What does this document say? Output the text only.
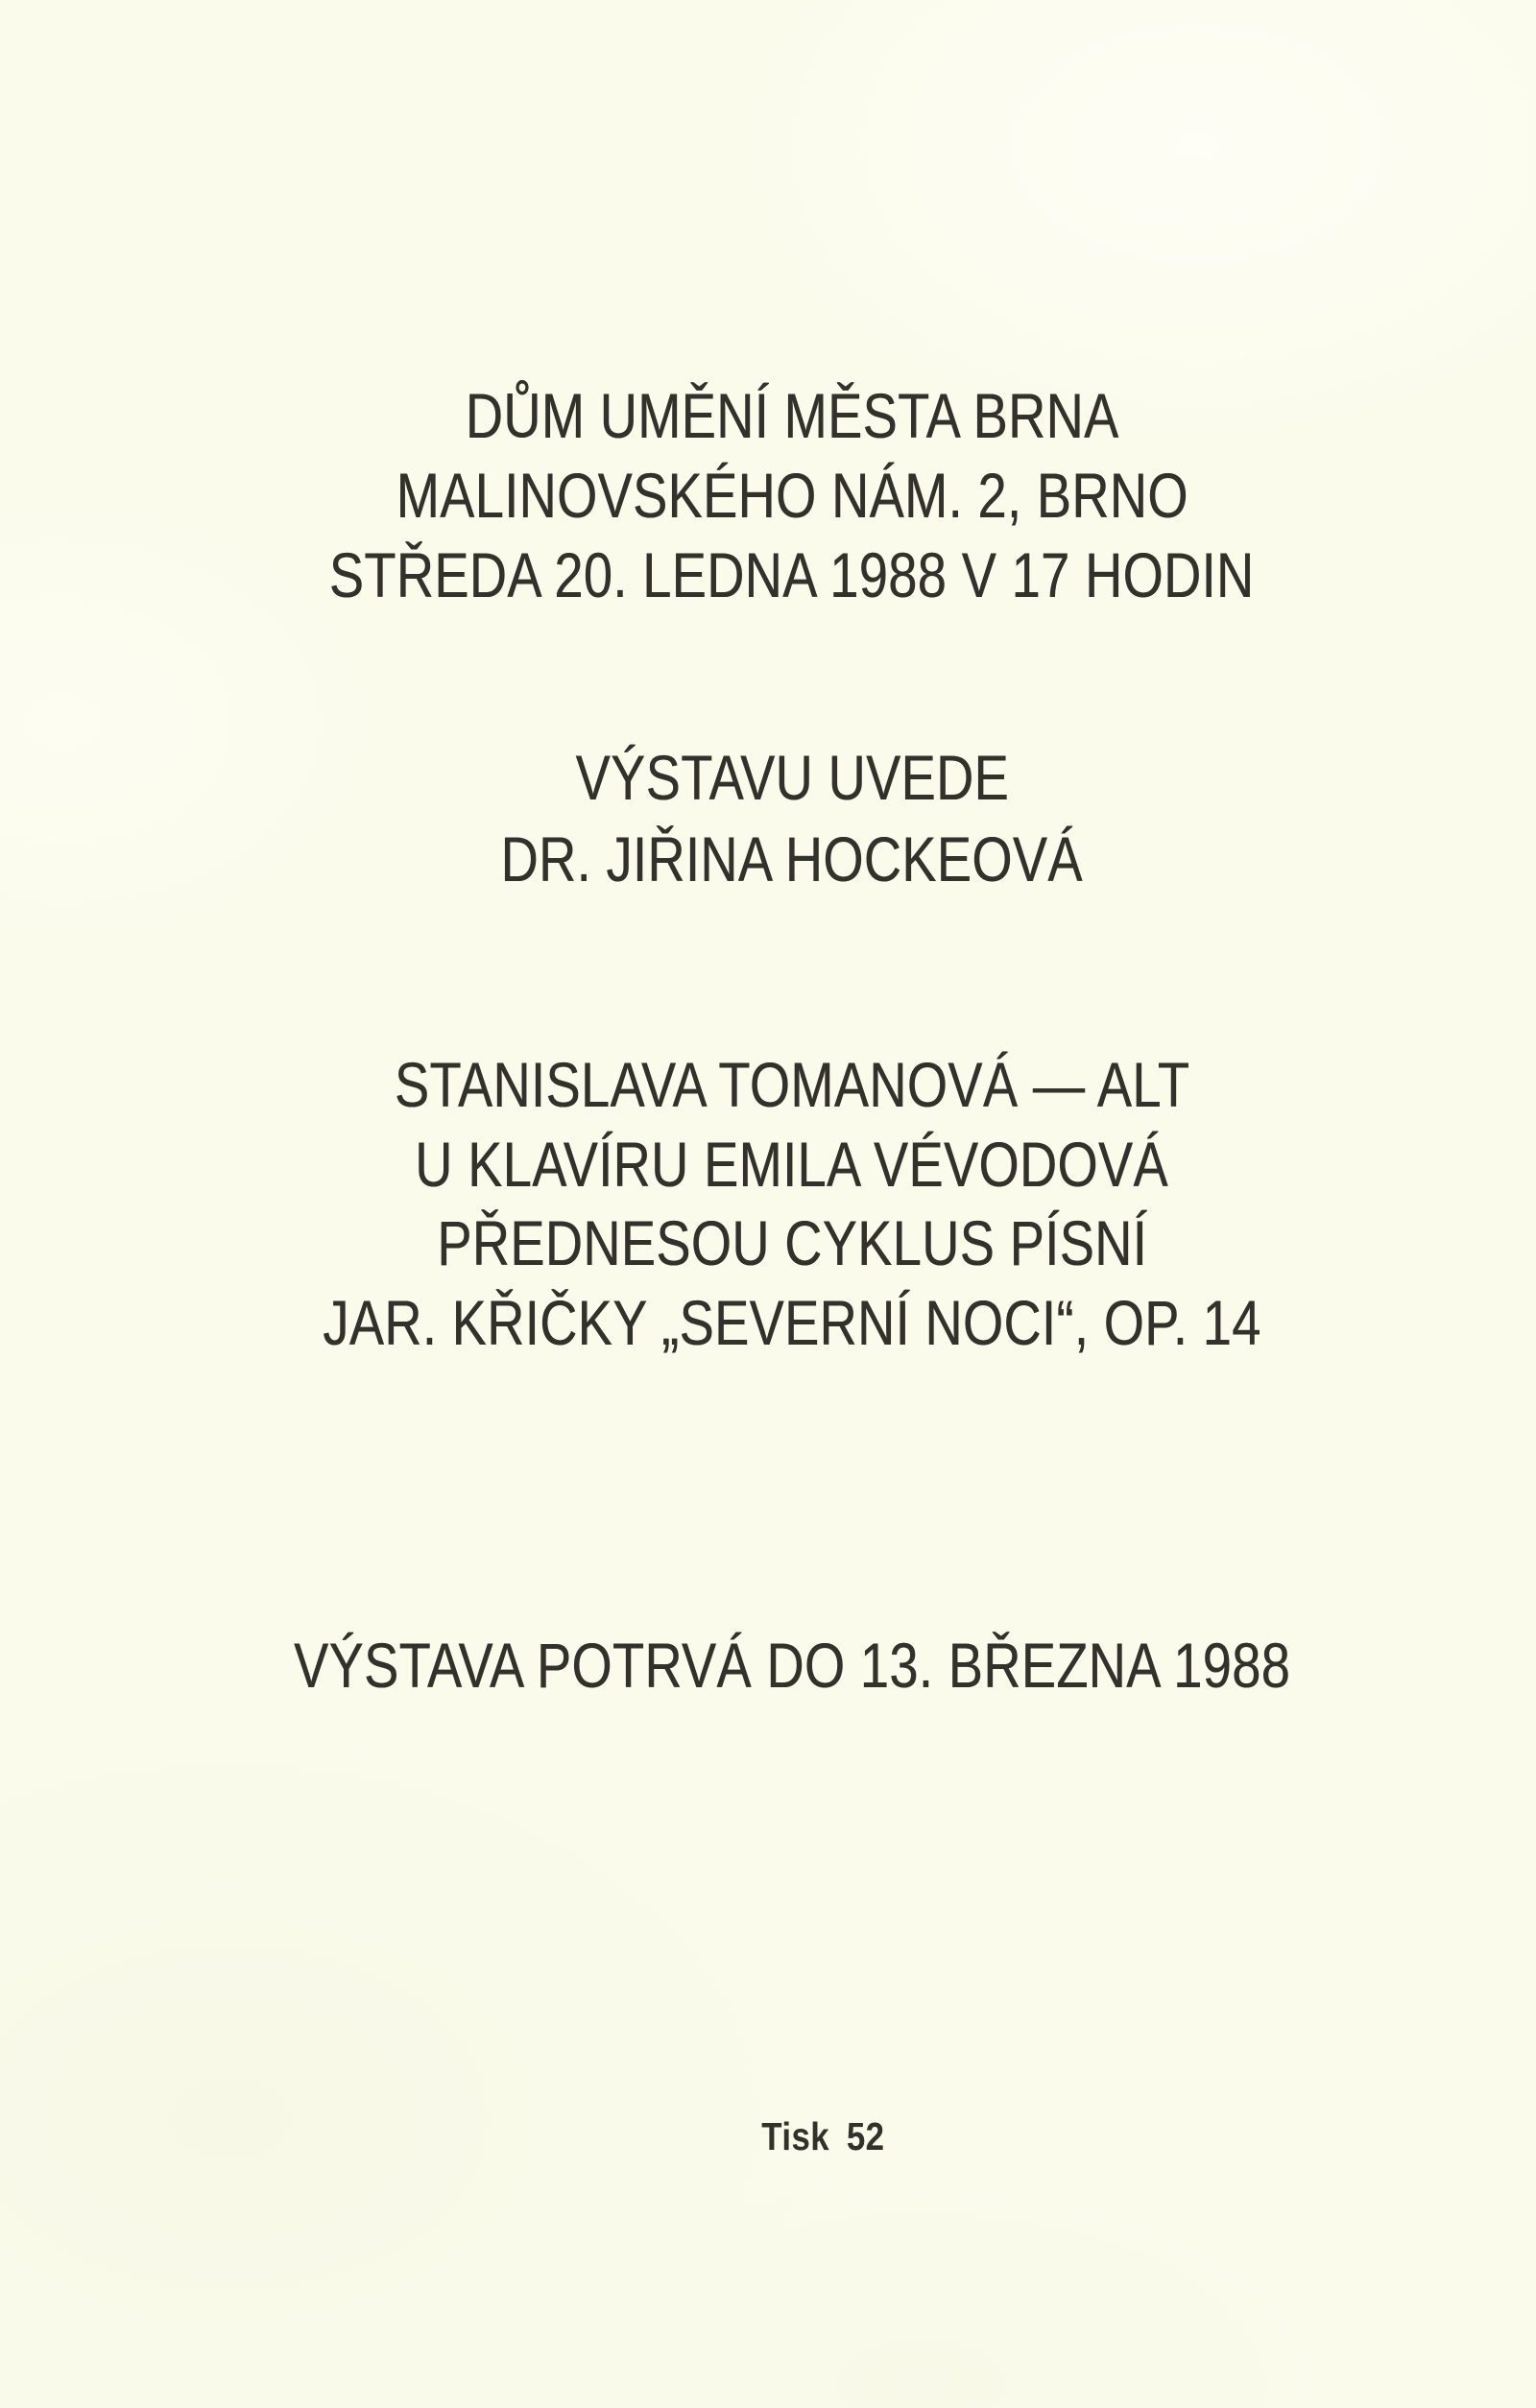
DŮM UMĚNÍ MĚSTA BRNA
MALINOVSKÉHO NÁM. 2, BRNO
STŘEDA 20. LEDNA 1988 V 17 HODIN
VÝSTAVU UVEDE
DR. JIŘINA HOCKEOVÁ
STANISLAVA TOMANOVÁ — ALT
U KLAVÍRU EMILA VÉVODOVÁ
PŘEDNESOU CYKLUS PÍSNÍ
JAR. KŘIČKY „SEVERNÍ NOCI“, OP. 14
VÝSTAVA POTRVÁ DO 13. BŘEZNA 1988
Tisk 52
